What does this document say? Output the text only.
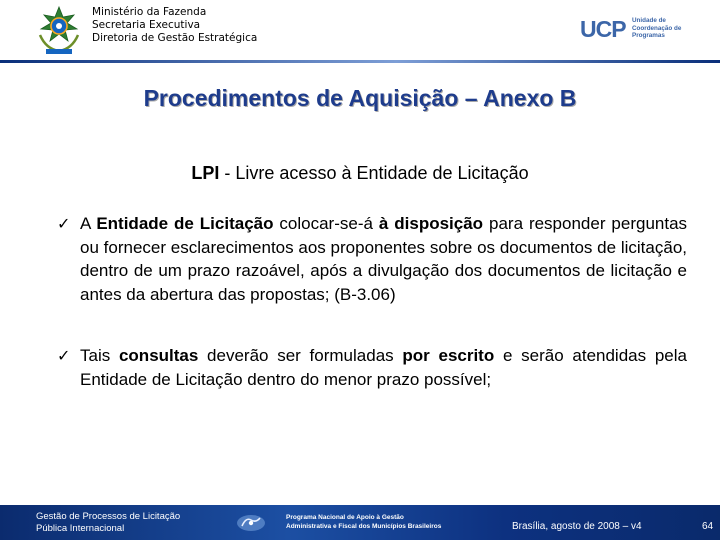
Ministério da Fazenda
Secretaria Executiva
Diretoria de Gestão Estratégica	UCP Unidade de
Coordenação de
Programas
Procedimentos de Aquisição – Anexo B
LPI - Livre acesso à Entidade de Licitação
✓ A Entidade de Licitação colocar-se-á à disposição para responder perguntas ou fornecer esclarecimentos aos proponentes sobre os documentos de licitação, dentro de um prazo razoável, após a divulgação dos documentos de licitação e antes da abertura das propostas; (B-3.06)
✓ Tais consultas deverão ser formuladas por escrito e serão atendidas pela Entidade de Licitação dentro do menor prazo possível;
Gestão de Processos de Licitação
Pública Internacional
Programa Nacional de Apoio à Gestão
Administrativa e Fiscal dos Municípios Brasileiros	Brasília, agosto de 2008 – v4	64
